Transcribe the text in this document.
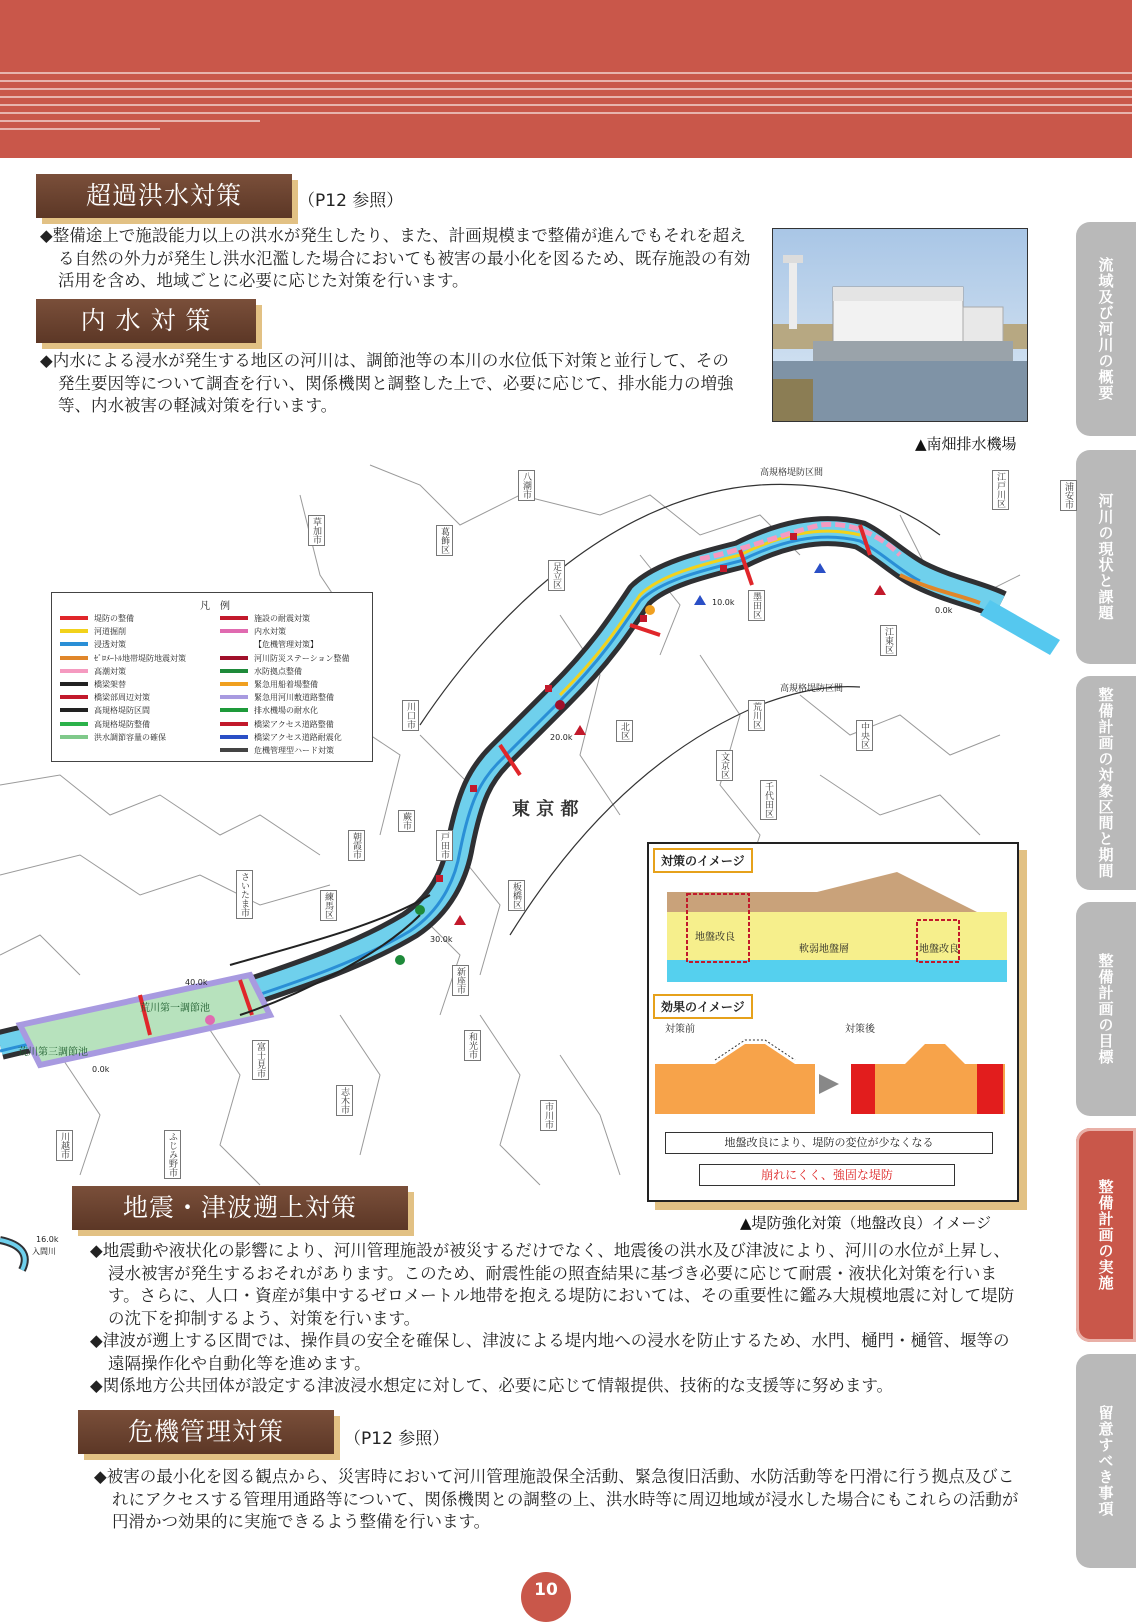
流域及び河川の概要
河川の現状と課題
整備計画の対象区間と期間
整備計画の目標
整備計画の実施
留意すべき事項
超過洪水対策	（P12 参照）

◆整備途上で施設能力以上の洪水が発生したり、また、計画規模まで整備が進んでもそれを超える自然の外力が発生し洪水氾濫した場合においても被害の最小化を図るため、既存施設の有効活用を含め、地域ごとに必要に応じた対策を行います。

▲南畑排水機場
内 水 対 策

◆内水による浸水が発生する地区の河川は、調節池等の本川の水位低下対策と並行して、その発生要因等について調査を行い、関係機関と調整した上で、必要に応じて、排水能力の増強等、内水被害の軽減対策を行います。

高規格堤防区間
高規格堤防区間
東 京 都
0.0k
10.0k
20.0k
30.0k
40.0k
0.0k
16.0k
荒川第一調節池
荒川第三調節池
草加市
八潮市
葛飾区
足立区
墨田区
江東区
江戸川区
荒川区
北区
川口市
戸田市
板橋区
練馬区
中央区
文京区
千代田区
朝霞市
新座市
志木市
富士見市
ふじみ野市
川越市
さいたま市
和光市
蕨市
浦安市
市川市
凡　例
堤防の整備
河道掘削
浸透対策
ｾﾞﾛﾒｰﾄﾙ地帯堤防地震対策
高潮対策
橋梁架替
橋梁部周辺対策
高規格堤防区間
高規格堤防整備
洪水調節容量の確保
施設の耐震対策
内水対策
【危機管理対策】
河川防災ステーション整備
水防拠点整備
緊急用船着場整備
緊急用河川敷道路整備
排水機場の耐水化
橋梁アクセス道路整備
橋梁アクセス道路耐震化
危機管理型ハード対策
対策のイメージ
地盤改良
軟弱地盤層	地盤改良
効果のイメージ
対策前	対策後
地盤改良により、堤防の変位が少なくなる
崩れにくく、強固な堤防
▲堤防強化対策（地盤改良）イメージ
地震・津波遡上対策
入間川 ◆地震動や液状化の影響により、河川管理施設が被災するだけでなく、地震後の洪水及び津波により、河川の水位が上昇し、浸水被害が発生するおそれがあります。このため、耐震性能の照査結果に基づき必要に応じて耐震・液状化対策を行います。さらに、人口・資産が集中するゼロメートル地帯を抱える堤防においては、その重要性に鑑み大規模地震に対して堤防の沈下を抑制するよう、対策を行います。

◆津波が遡上する区間では、操作員の安全を確保し、津波による堤内地への浸水を防止するため、水門、樋門・樋管、堰等の遠隔操作化や自動化等を進めます。

◆関係地方公共団体が設定する津波浸水想定に対して、必要に応じて情報提供、技術的な支援等に努めます。

危機管理対策	（P12 参照）

◆被害の最小化を図る観点から、災害時において河川管理施設保全活動、緊急復旧活動、水防活動等を円滑に行う拠点及びこれにアクセスする管理用通路等について、関係機関との調整の上、洪水時等に周辺地域が浸水した場合にもこれらの活動が円滑かつ効果的に実施できるよう整備を行います。

10
